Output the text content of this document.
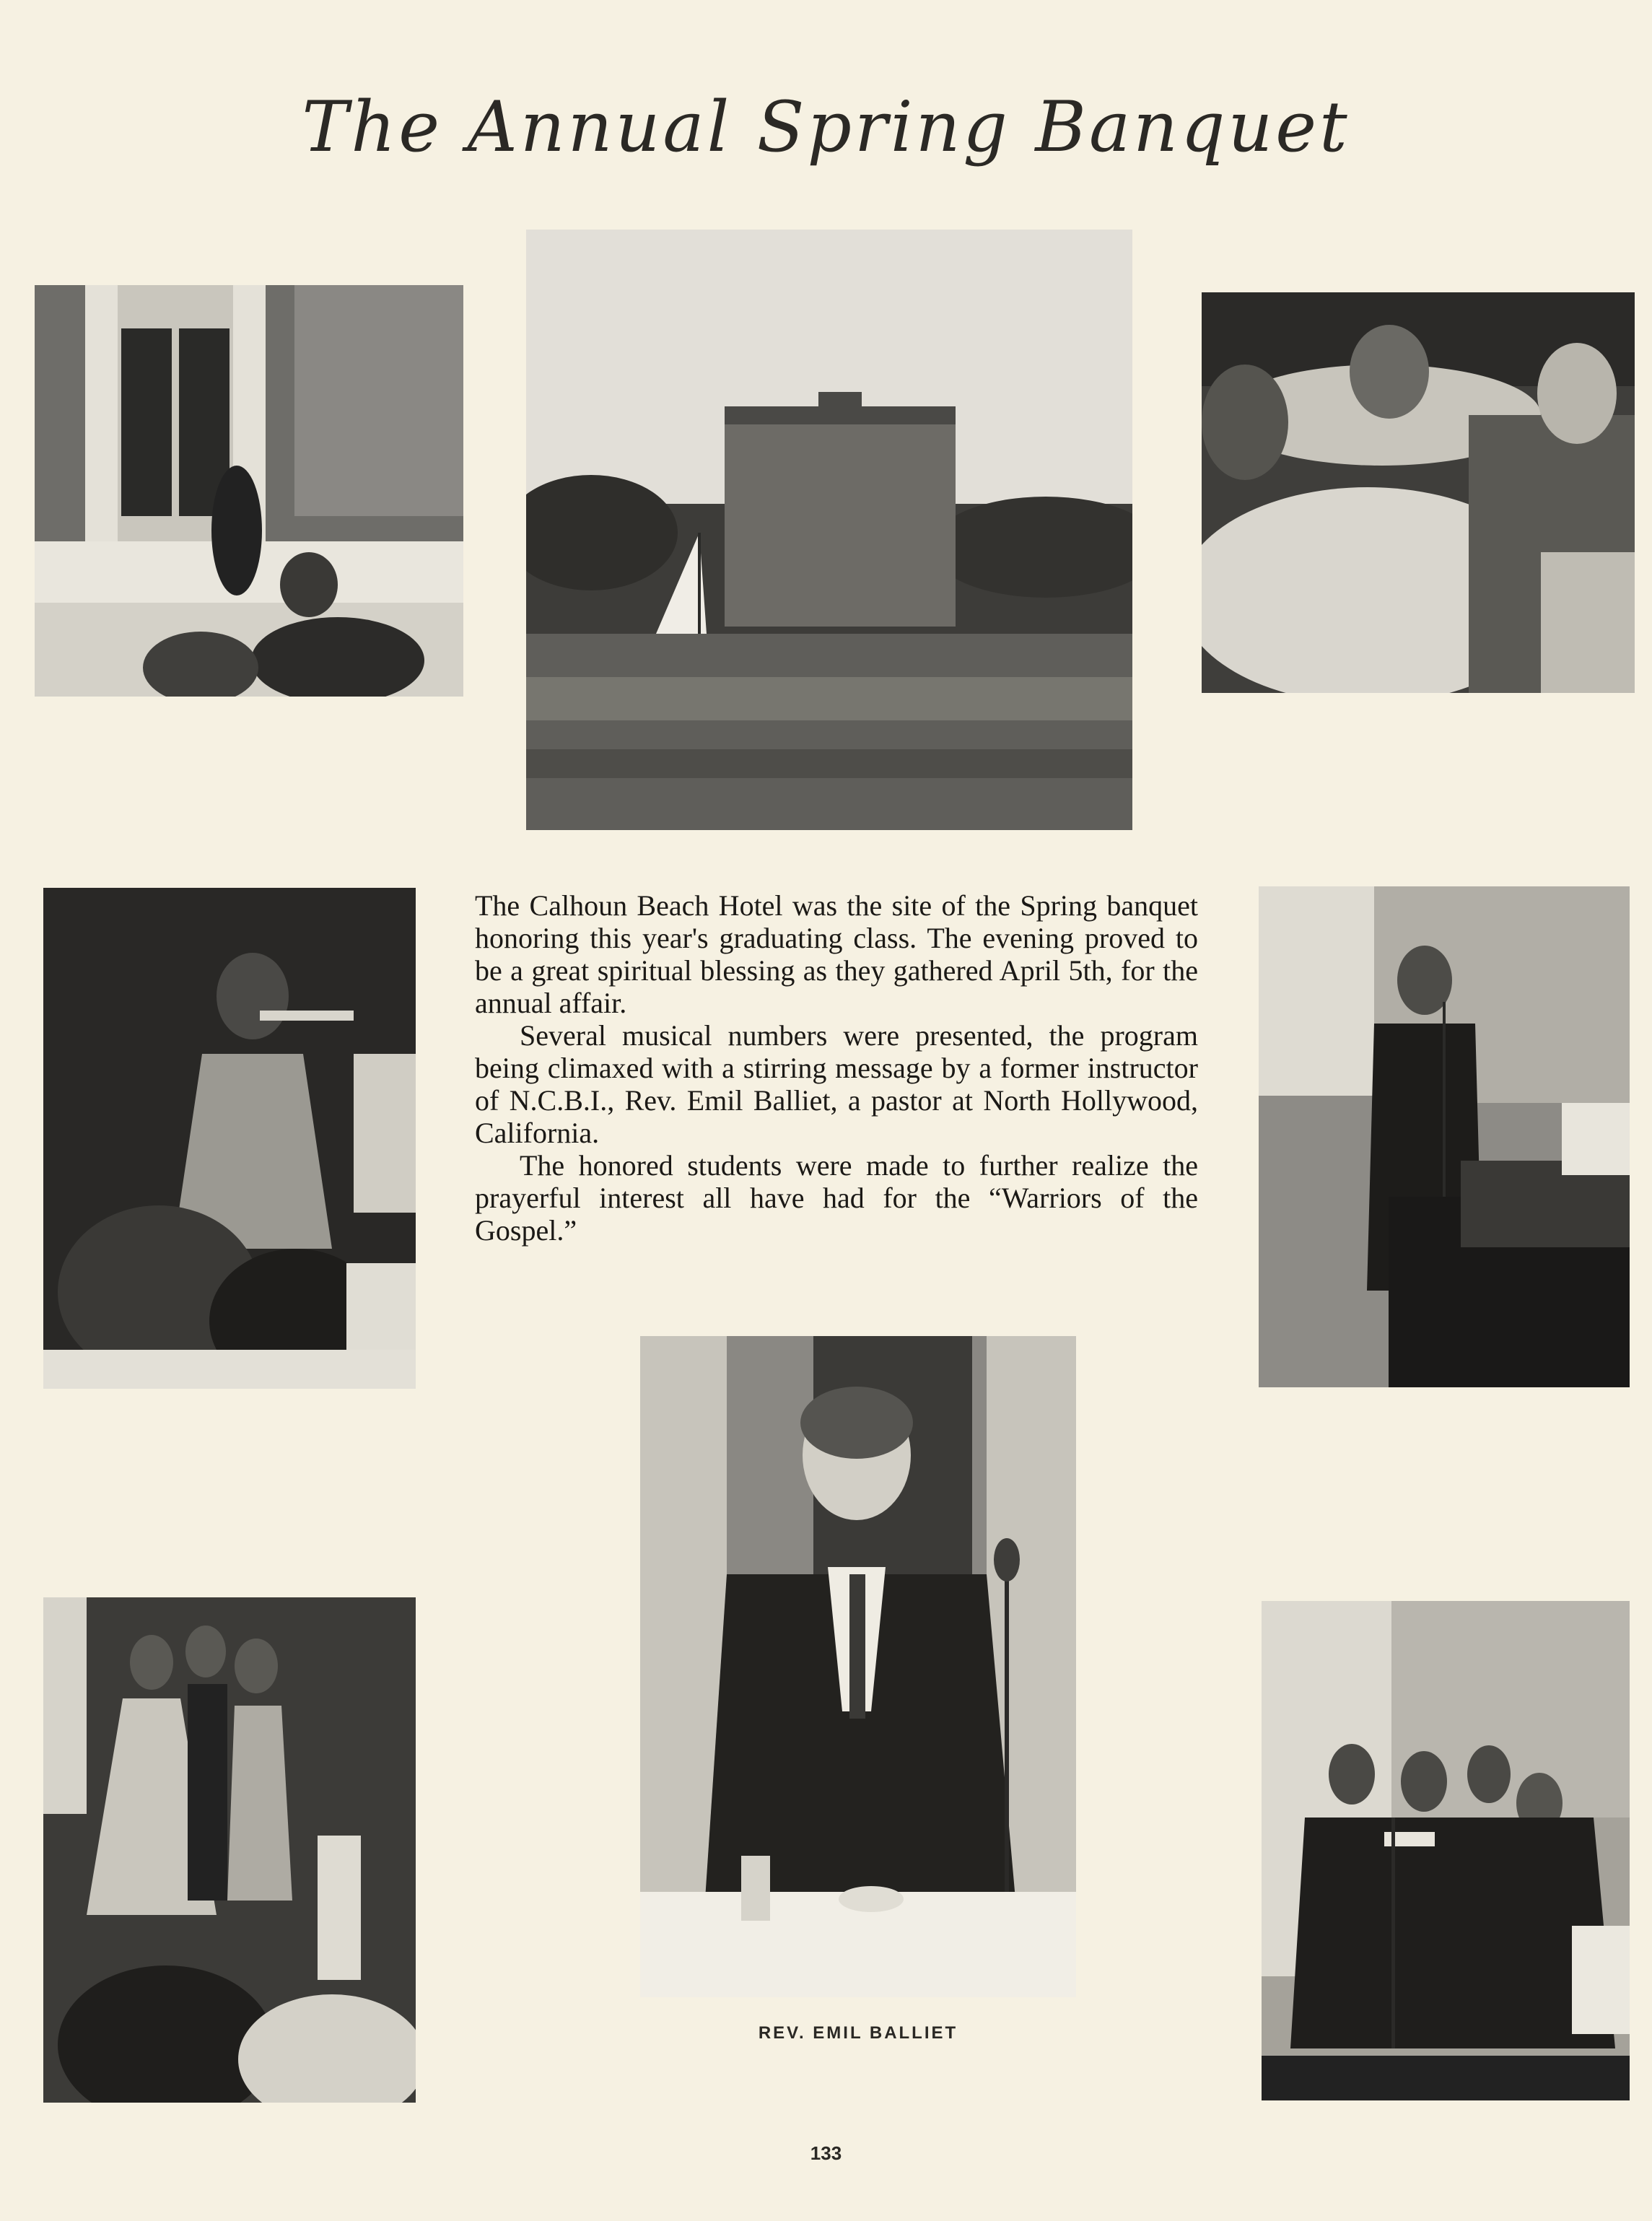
The Annual Spring Banquet

The Calhoun Beach Hotel was the site of the Spring banquet honoring this year's graduating class. The evening proved to be a great spiritual blessing as they gathered April 5th, for the annual affair.

Several musical numbers were presented, the program being climaxed with a stirring message by a former instructor of N.C.B.I., Rev. Emil Balliet, a pastor at North Hollywood, California.

The honored students were made to further realize the prayerful interest all have had for the “Warriors of the Gospel.”

REV. EMIL BALLIET
133
